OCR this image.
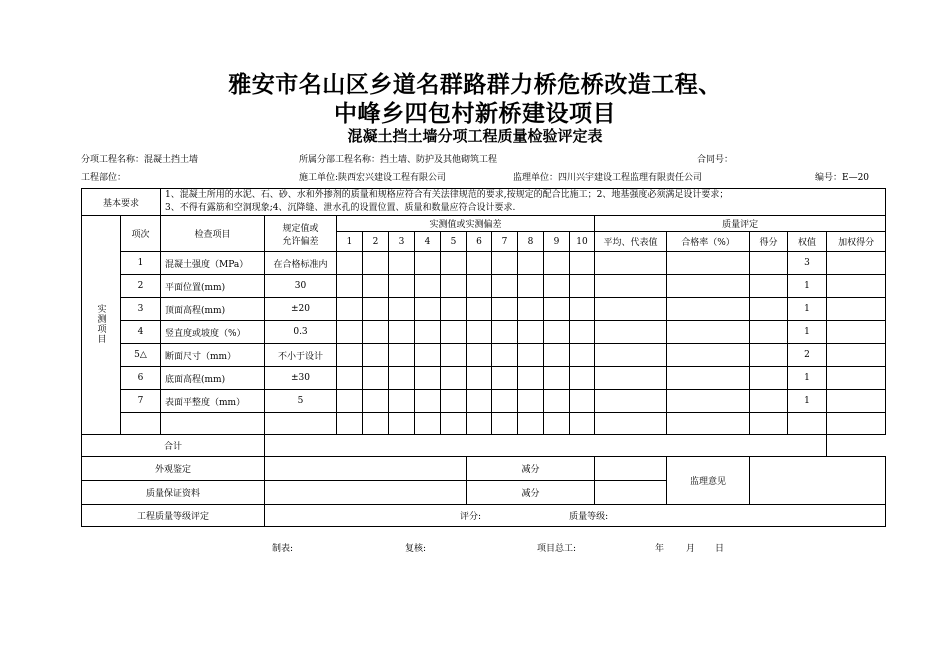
雅安市名山区乡道名群路群力桥危桥改造工程、
中峰乡四包村新桥建设项目
混凝土挡土墙分项工程质量检验评定表
分项工程名称：混凝土挡土墙	所属分部工程名称：挡土墙、防护及其他砌筑工程	合同号：
工程部位：	施工单位:陕西宏兴建设工程有限公司	监理单位：四川兴宇建设工程监理有限责任公司	编号：E—20
基本要求		1、混凝土所用的水泥、石、砂、水和外掺剂的质量和规格应符合有关法律规范的要求,按规定的配合比施工；2、地基强度必须满足设计要求；
3、不得有露筋和空洞现象;4、沉降缝、泄水孔的设置位置、质量和数量应符合设计要求.																

实测项目	项次	检查项目	规定值或
允许偏差	实测值或实测偏差										质量评定				
				1	2	3	4	5	6	7	8	9	10	平均、代表值	合格率（%）	得分	权值	加权得分
	1	混凝土强度（MPa）	在合格标准内														3	
	2	平面位置(mm)	30														1	
	3	顶面高程(mm)	±20														1	
	4	竖直度或坡度（%）	0.3														1	
	5△	断面尺寸（mm）	不小于设计														2	
	6	底面高程(mm)	±30														1	
	7	表面平整度（mm）	5														1	

合计																		
外观鉴定									减分						监理意见			
质量保证资料									减分									
工程质量等级评定			评分: 质量等级:															
制表:	复核:	项目总工:	年 月 日
